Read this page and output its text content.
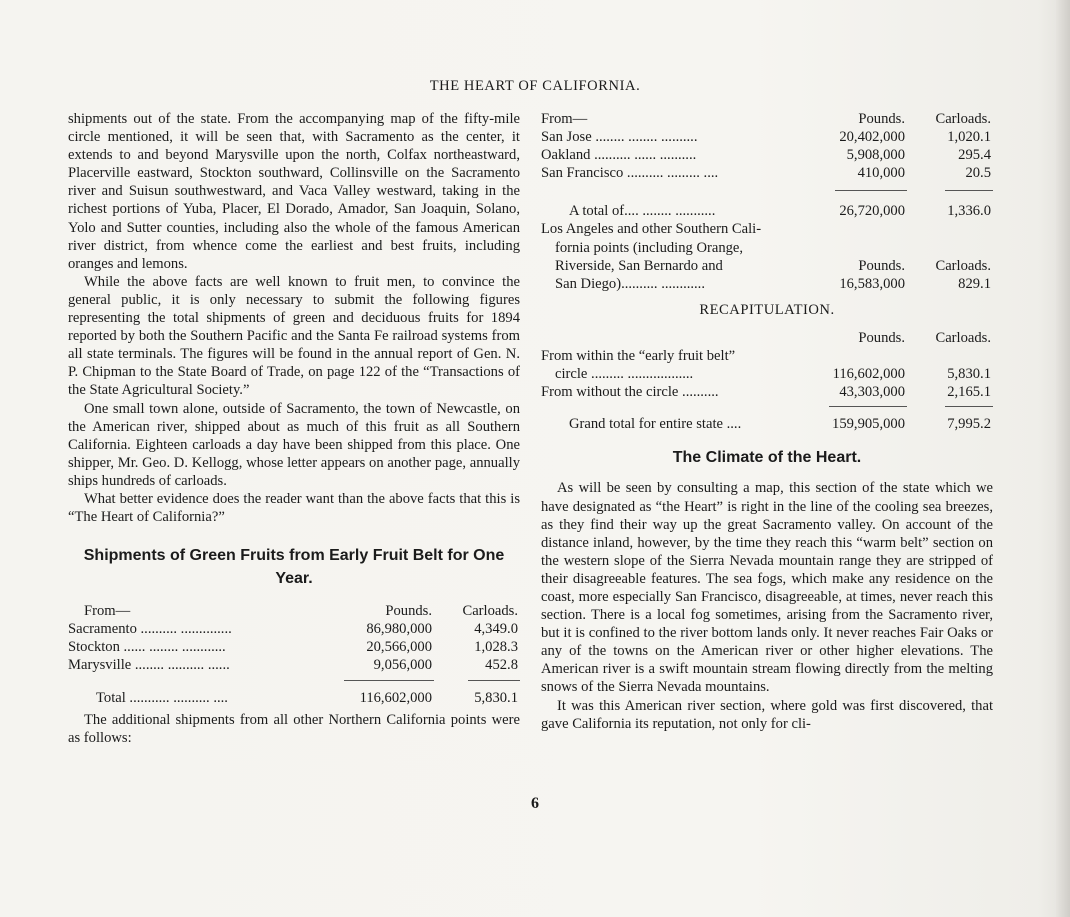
THE HEART OF CALIFORNIA.

shipments out of the state. From the accompanying map of the fifty-mile circle mentioned, it will be seen that, with Sacramento as the center, it extends to and beyond Marysville upon the north, Colfax northeastward, Placerville eastward, Stockton southward, Collinsville on the Sacramento river and Suisun southwestward, and Vaca Valley westward, taking in the richest portions of Yuba, Placer, El Dorado, Amador, San Joaquin, Solano, Yolo and Sutter counties, including also the whole of the famous American river district, from whence come the earliest and best fruits, including oranges and lemons.

While the above facts are well known to fruit men, to convince the general public, it is only necessary to submit the following figures representing the total shipments of green and deciduous fruits for 1894 reported by both the Southern Pacific and the Santa Fe railroad systems from all state terminals. The figures will be found in the annual report of Gen. N. P. Chipman to the State Board of Trade, on page 122 of the “Transactions of the State Agricultural Society.”

One small town alone, outside of Sacramento, the town of Newcastle, on the American river, shipped about as much of this fruit as all Southern California. Eighteen carloads a day have been shipped from this place. One shipper, Mr. Geo. D. Kellogg, whose letter appears on another page, annually ships hundreds of carloads.

What better evidence does the reader want than the above facts that this is “The Heart of California?”

Shipments of Green Fruits from Early Fruit Belt for One Year.

From—	Pounds. Carloads.
Sacramento .......... ..............	86,980,000	4,349.0
Stockton ...... ........ ............	20,566,000	1,028.3
Marysville ........ .......... ......	9,056,000	452.8
Total ........... .......... ....	116,602,000	5,830.1

The additional shipments from all other Northern California points were as follows:

From—	Pounds. Carloads.
San Jose ........ ........ ..........	20,402,000	1,020.1
Oakland .......... ...... ..........	5,908,000	295.4
San Francisco .......... ......... ....	410,000	20.5
A total of.... ........ ...........	26,720,000	1,336.0
Los Angeles and other Southern Cali-
fornia points (including Orange,
Riverside, San Bernardo and	Pounds. Carloads.
San Diego).......... ............	16,583,000	829.1
RECAPITULATION.
Pounds. Carloads.
From within the “early fruit belt”
circle ......... ..................	116,602,000	5,830.1
From without the circle ..........	43,303,000	2,165.1
Grand total for entire state ....	159,905,000	7,995.2

The Climate of the Heart.

As will be seen by consulting a map, this section of the state which we have designated as “the Heart” is right in the line of the cooling sea breezes, as they find their way up the great Sacramento valley. On account of the distance inland, however, by the time they reach this “warm belt” section on the western slope of the Sierra Nevada mountain range they are stripped of their disagreeable features. The sea fogs, which make any residence on the coast, more especially San Francisco, disagreeable, at times, never reach this section. There is a local fog sometimes, arising from the Sacramento river, but it is confined to the river bottom lands only. It never reaches Fair Oaks or any of the towns on the American river or other higher elevations. The American river is a swift mountain stream flowing directly from the melting snows of the Sierra Nevada mountains.

It was this American river section, where gold was first discovered, that gave California its reputation, not only for cli-

6
